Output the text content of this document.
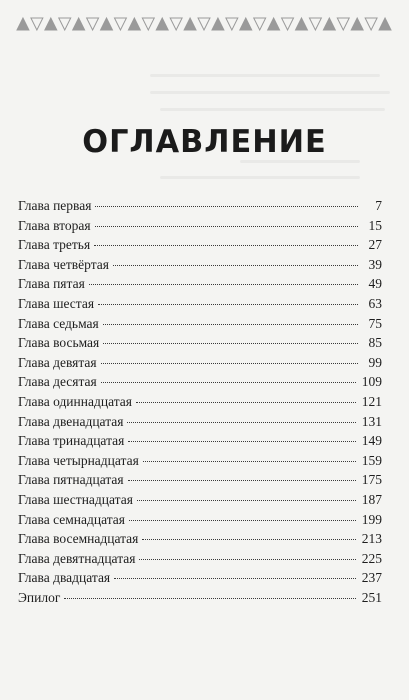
ОГЛАВЛЕНИЕ
Глава первая	7
Глава вторая	15
Глава третья	27
Глава четвёртая	39
Глава пятая	49
Глава шестая	63
Глава седьмая	75
Глава восьмая	85
Глава девятая	99
Глава десятая	109
Глава одиннадцатая	121
Глава двенадцатая	131
Глава тринадцатая	149
Глава четырнадцатая	159
Глава пятнадцатая	175
Глава шестнадцатая	187
Глава семнадцатая	199
Глава восемнадцатая	213
Глава девятнадцатая	225
Глава двадцатая	237
Эпилог	251
